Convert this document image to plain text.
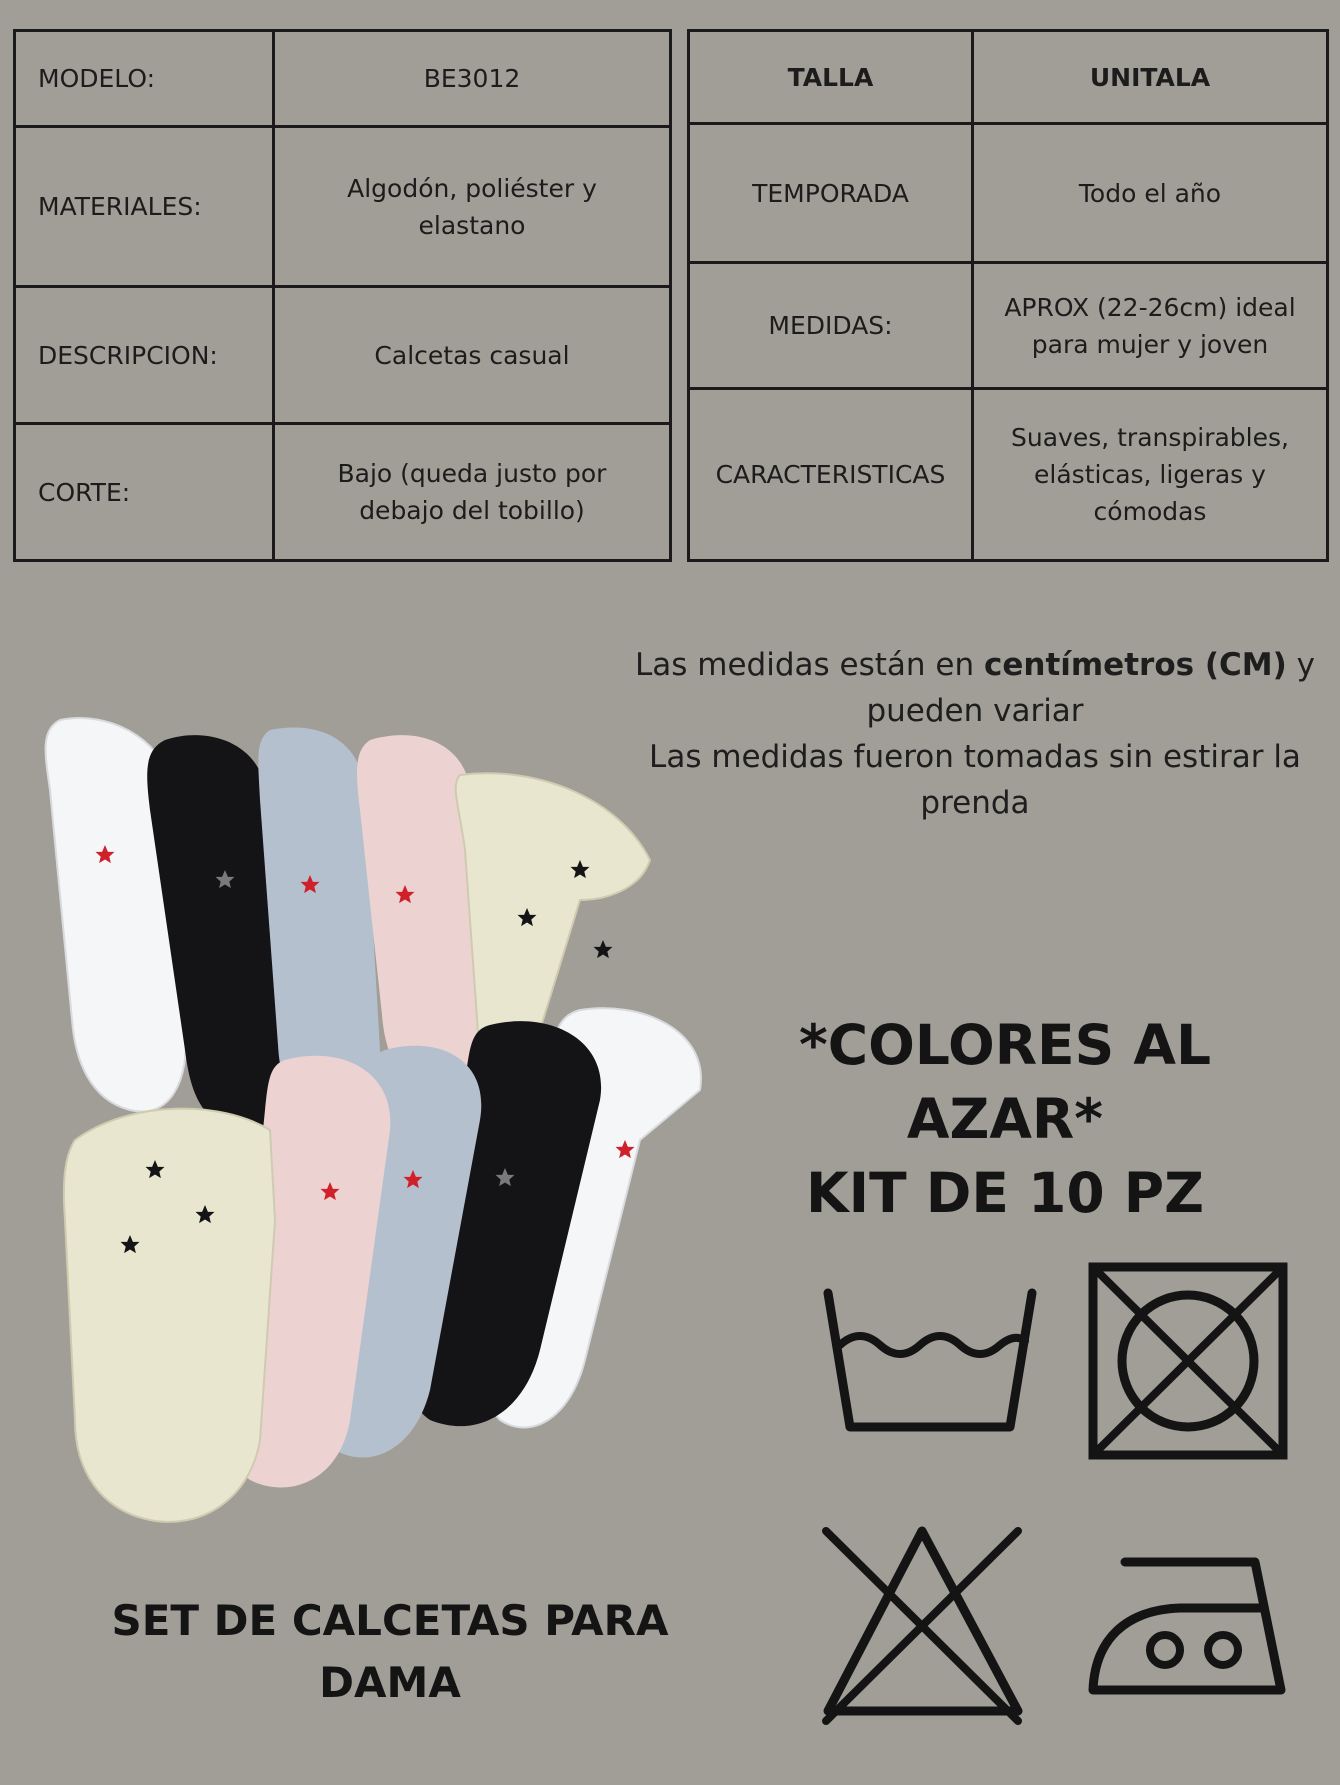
MODELO:	BE3012
MATERIALES:	Algodón, poliéster y elastano
DESCRIPCION:	Calcetas casual
CORTE:	Bajo (queda justo por debajo del tobillo)
TALLA	UNITALA
TEMPORADA	Todo el año
MEDIDAS:	APROX (22-26cm) ideal para mujer y joven
CARACTERISTICAS	Suaves, transpirables, elásticas, ligeras y cómodas
Las medidas están en centímetros (CM) y pueden variar
Las medidas fueron tomadas sin estirar la prenda
*COLORES AL AZAR*
KIT DE 10 PZ
SET DE CALCETAS PARA DAMA
